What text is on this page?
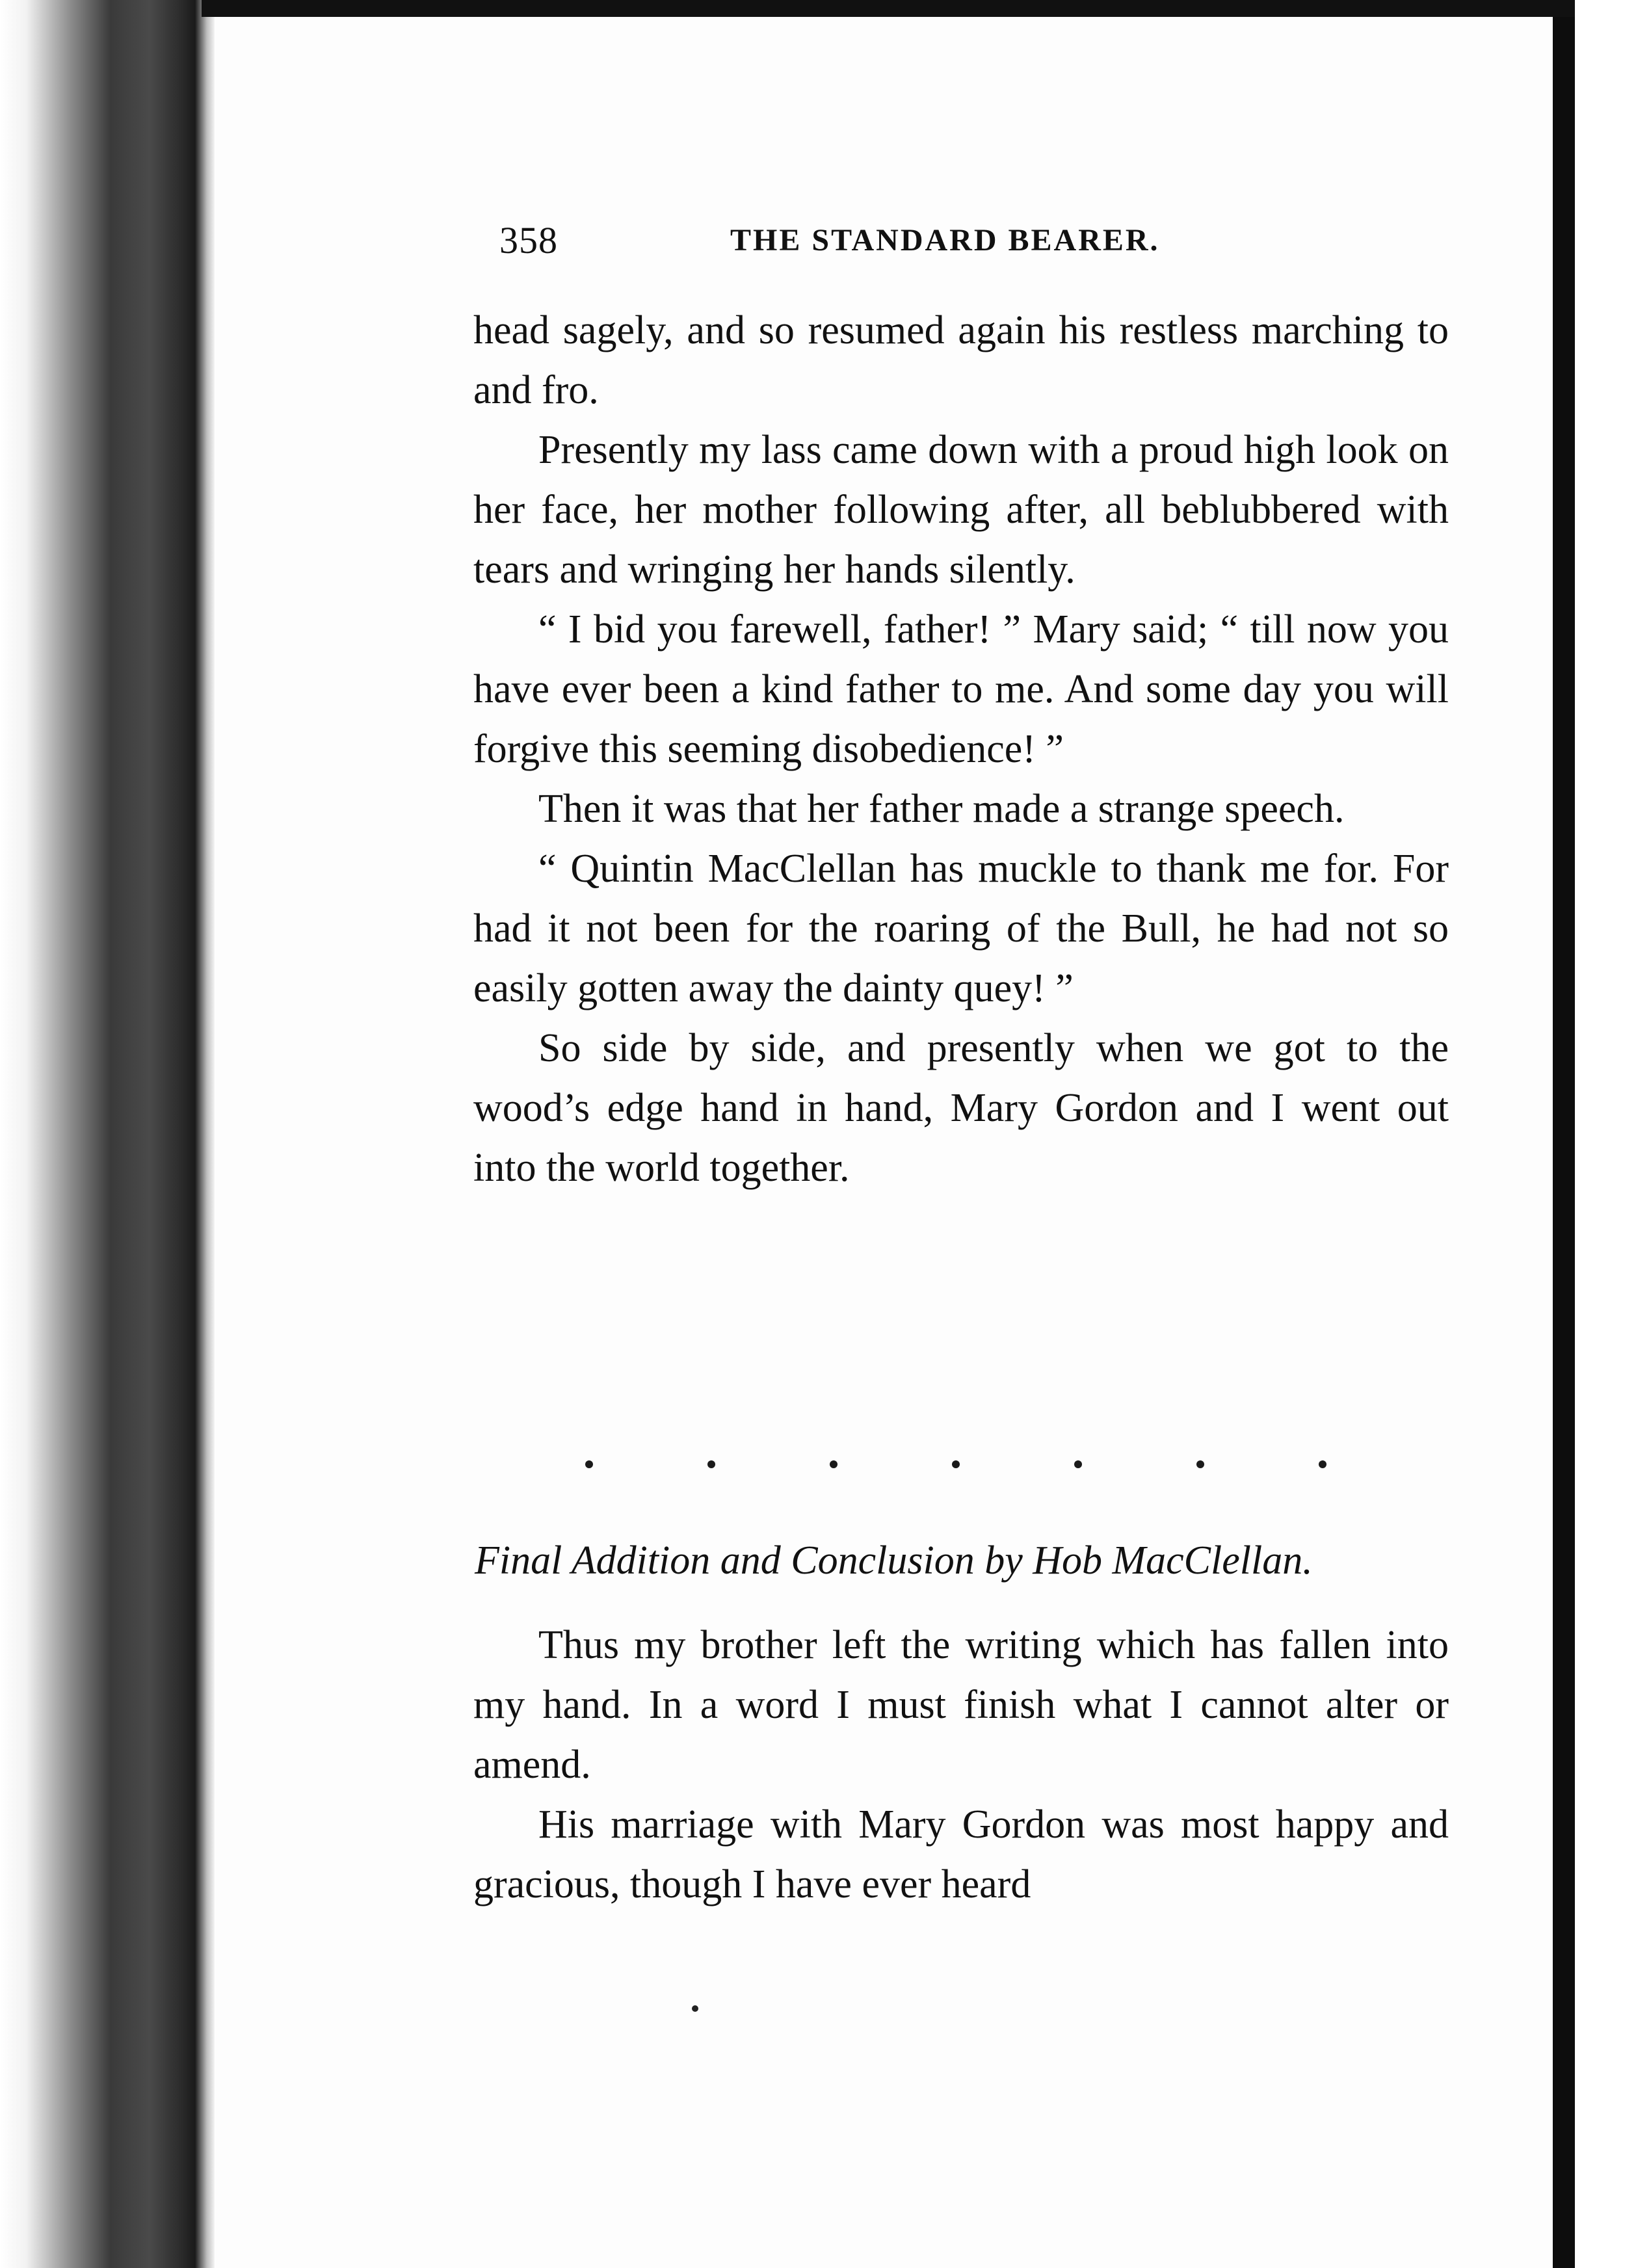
358	THE STANDARD BEARER.

head sagely, and so resumed again his restless marching to and fro.

Presently my lass came down with a proud high look on her face, her mother following after, all beblubbered with tears and wringing her hands silently.

“ I bid you farewell, father! ” Mary said; “ till now you have ever been a kind father to me. And some day you will forgive this seeming disobedience! ”

Then it was that her father made a strange speech.

“ Quintin MacClellan has muckle to thank me for. For had it not been for the roaring of the Bull, he had not so easily gotten away the dainty quey! ”

So side by side, and presently when we got to the wood’s edge hand in hand, Mary Gordon and I went out into the world together.

Final Addition and Conclusion by Hob MacClellan.

Thus my brother left the writing which has fallen into my hand. In a word I must finish what I cannot alter or amend.

His marriage with Mary Gordon was most happy and gracious, though I have ever heard
